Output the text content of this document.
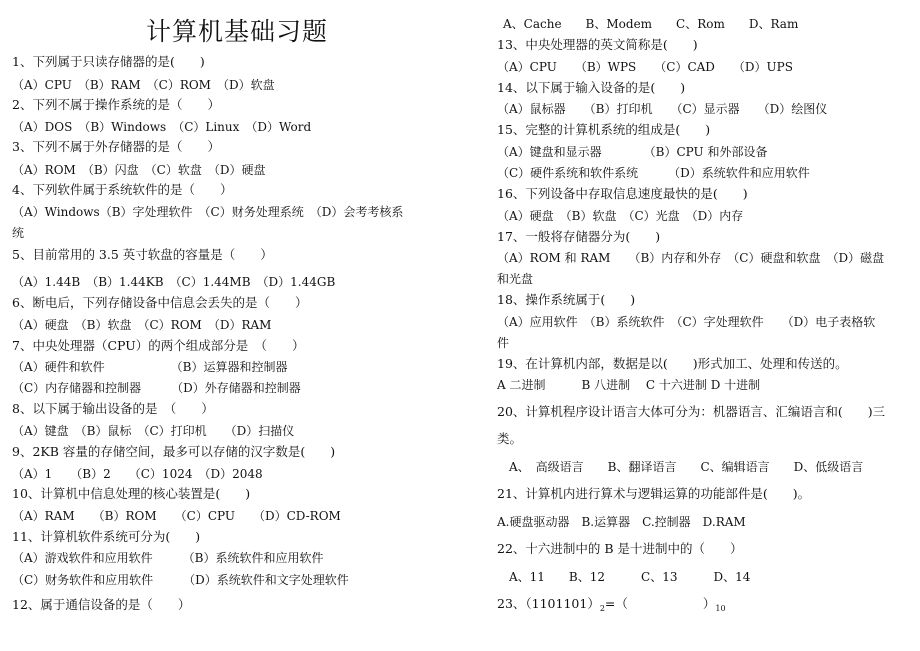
计算机基础习题
1、下列属于只读存储器的是(　　)
（A）CPU　（B）RAM　（C）ROM　（D）软盘
2、下列不属于操作系统的是（　　）
（A）DOS　（B）Windows　（C）Linux　（D）Word
3、下列不属于外存储器的是（　　）
（A）ROM　（B）闪盘　（C）软盘　（D）硬盘
4、下列软件属于系统软件的是（　　）
（A）Windows（B）字处理软件　（C）财务处理系统　（D）会考考核系
统
5、目前常用的 3.5 英寸软盘的容量是（　　）
（A）1.44B　（B）1.44KB　（C）1.44MB　（D）1.44GB
6、断电后，下列存储设备中信息会丢失的是（　　）
（A）硬盘　（B）软盘　（C）ROM　（D）RAM
7、中央处理器（CPU）的两个组成部分是　（　　）
（A）硬件和软件　　　　　　（B）运算器和控制器
（C）内存储器和控制器　　　（D）外存储器和控制器
8、以下属于输出设备的是　（　　）
（A）键盘　（B）鼠标　（C）打印机　　（D）扫描仪
9、2KB 容量的存储空间，最多可以存储的汉字数是(　　)
（A）1　　（B）2　　（C）1024　（D）2048
10、计算机中信息处理的核心装置是(　　)
（A）RAM　　（B）ROM　　（C）CPU　　（D）CD-ROM
11、计算机软件系统可分为(　　)
（A）游戏软件和应用软件　　　（B）系统软件和应用软件
（C）财务软件和应用软件　　　（D）系统软件和文字处理软件
12、属于通信设备的是（　　）
A、Cache　　B、Modem　　C、Rom　　D、Ram
13、中央处理器的英文简称是(　　)
（A）CPU　　（B）WPS　　（C）CAD　　（D）UPS
14、以下属于输入设备的是(　　)
（A）鼠标器　　（B）打印机　　（C）显示器　　（D）绘图仪
15、完整的计算机系统的组成是(　　)
（A）键盘和显示器　　　　（B）CPU 和外部设备
（C）硬件系统和软件系统　　　（D）系统软件和应用软件
16、下列设备中存取信息速度最快的是(　　)
（A）硬盘　（B）软盘　（C）光盘　（D）内存
17、一般将存储器分为(　　)
（A）ROM 和 RAM　　（B）内存和外存　（C）硬盘和软盘　（D）磁盘
和光盘
18、操作系统属于(　　)
（A）应用软件　（B）系统软件　（C）字处理软件　　（D）电子表格软
件
19、在计算机内部，数据是以(　　)形式加工、处理和传送的。
A 二进制　　　B 八进制　 C 十六进制 D 十进制
20、计算机程序设计语言大体可分为：机器语言、汇编语言和(　　)三
类。
　A、　高级语言　　B、翻译语言　　C、编辑语言　　D、低级语言
21、计算机内进行算术与逻辑运算的功能部件是(　　)。
A.硬盘驱动器　B.运算器　C.控制器　D.RAM
22、十六进制中的 B 是十进制中的（　　）
　A、11　　B、12　　　C、13　　　D、14
23、$(1101101)_2=$（　　　　　　）$_{10}$
